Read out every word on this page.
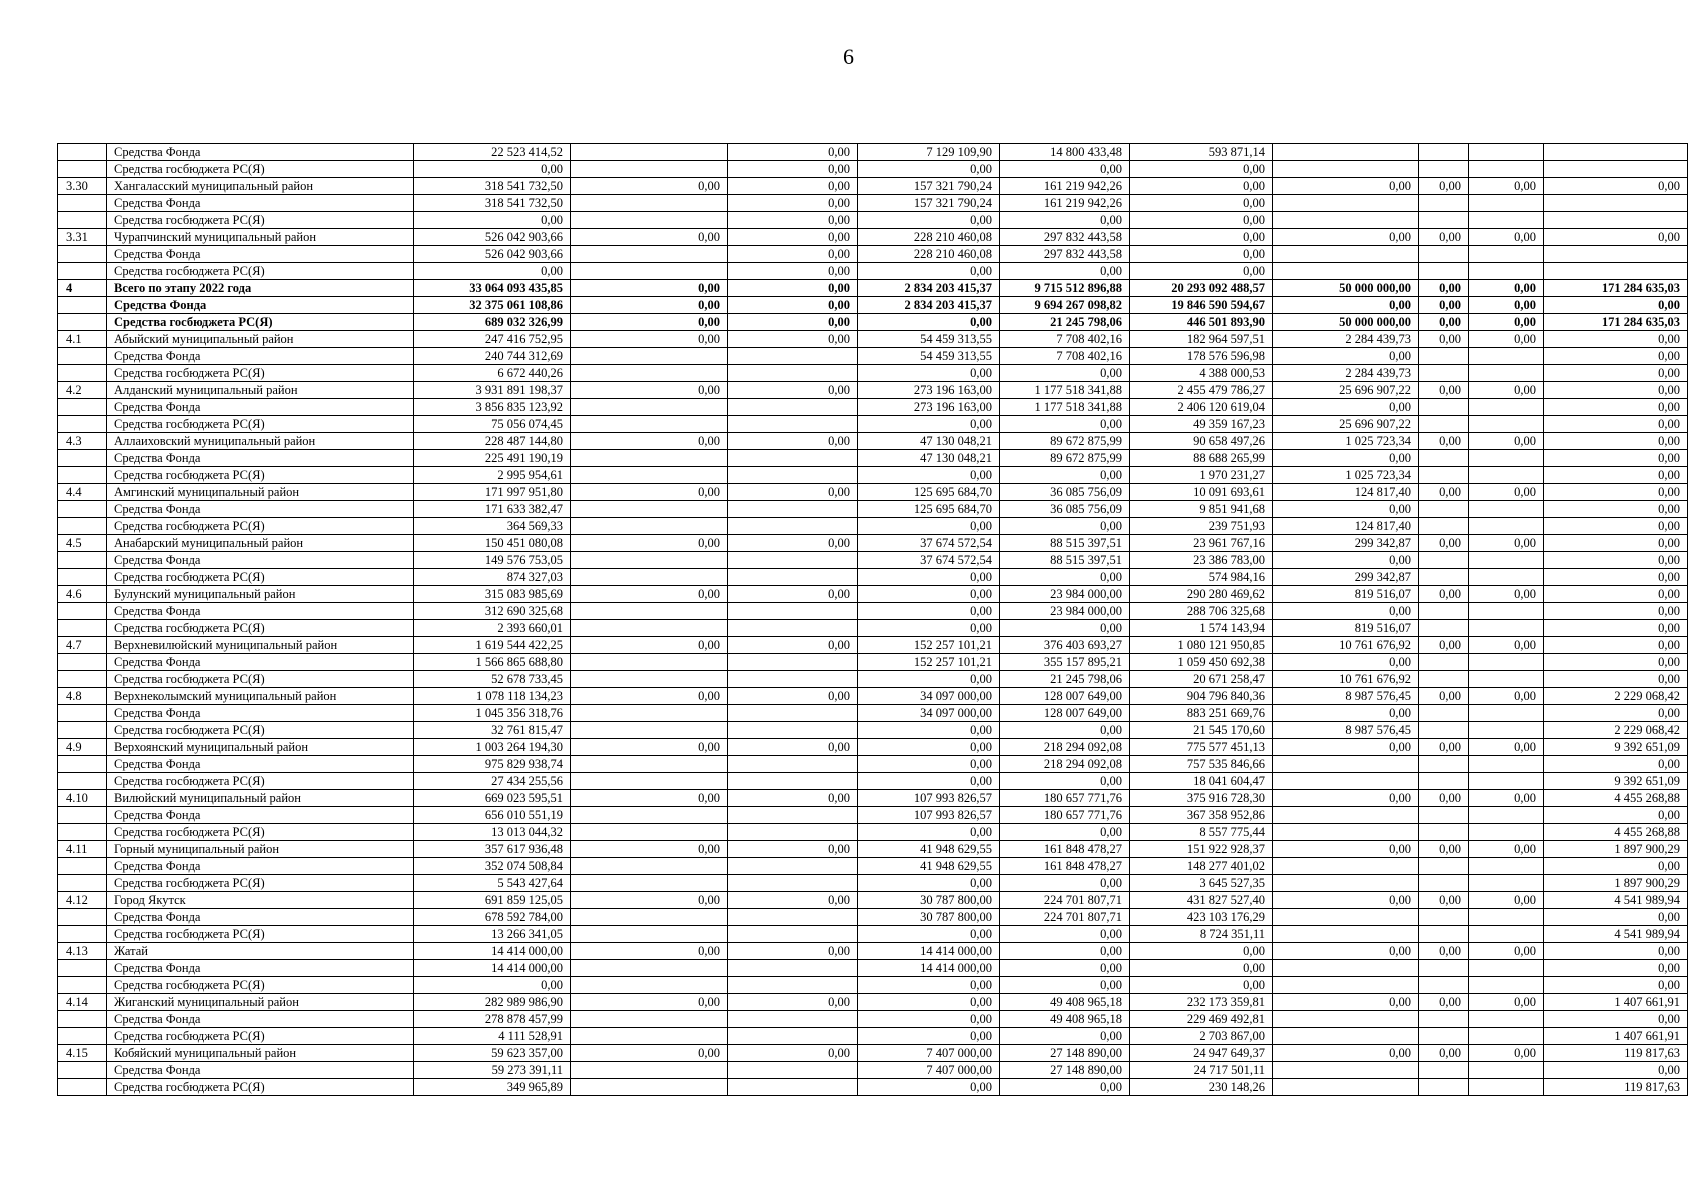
6
	Средства Фонда	22 523 414,52		0,00	7 129 109,90	14 800 433,48	593 871,14				
	Средства госбюджета РС(Я)	0,00		0,00	0,00	0,00	0,00				
3.30	Хангаласский муниципальный район	318 541 732,50	0,00	0,00	157 321 790,24	161 219 942,26	0,00	0,00	0,00	0,00	0,00
	Средства Фонда	318 541 732,50		0,00	157 321 790,24	161 219 942,26	0,00				
	Средства госбюджета РС(Я)	0,00		0,00	0,00	0,00	0,00				
3.31	Чурапчинский муниципальный район	526 042 903,66	0,00	0,00	228 210 460,08	297 832 443,58	0,00	0,00	0,00	0,00	0,00
	Средства Фонда	526 042 903,66		0,00	228 210 460,08	297 832 443,58	0,00				
	Средства госбюджета РС(Я)	0,00		0,00	0,00	0,00	0,00				
4	Всего по этапу 2022 года	33 064 093 435,85	0,00	0,00	2 834 203 415,37	9 715 512 896,88	20 293 092 488,57	50 000 000,00	0,00	0,00	171 284 635,03
	Средства Фонда	32 375 061 108,86	0,00	0,00	2 834 203 415,37	9 694 267 098,82	19 846 590 594,67	0,00	0,00	0,00	0,00
	Средства госбюджета РС(Я)	689 032 326,99	0,00	0,00	0,00	21 245 798,06	446 501 893,90	50 000 000,00	0,00	0,00	171 284 635,03
4.1	Абыйский муниципальный район	247 416 752,95	0,00	0,00	54 459 313,55	7 708 402,16	182 964 597,51	2 284 439,73	0,00	0,00	0,00
	Средства Фонда	240 744 312,69			54 459 313,55	7 708 402,16	178 576 596,98	0,00			0,00
	Средства госбюджета РС(Я)	6 672 440,26			0,00	0,00	4 388 000,53	2 284 439,73			0,00
4.2	Алданский муниципальный район	3 931 891 198,37	0,00	0,00	273 196 163,00	1 177 518 341,88	2 455 479 786,27	25 696 907,22	0,00	0,00	0,00
	Средства Фонда	3 856 835 123,92			273 196 163,00	1 177 518 341,88	2 406 120 619,04	0,00			0,00
	Средства госбюджета РС(Я)	75 056 074,45			0,00	0,00	49 359 167,23	25 696 907,22			0,00
4.3	Аллаиховский муниципальный район	228 487 144,80	0,00	0,00	47 130 048,21	89 672 875,99	90 658 497,26	1 025 723,34	0,00	0,00	0,00
	Средства Фонда	225 491 190,19			47 130 048,21	89 672 875,99	88 688 265,99	0,00			0,00
	Средства госбюджета РС(Я)	2 995 954,61			0,00	0,00	1 970 231,27	1 025 723,34			0,00
4.4	Амгинский муниципальный район	171 997 951,80	0,00	0,00	125 695 684,70	36 085 756,09	10 091 693,61	124 817,40	0,00	0,00	0,00
	Средства Фонда	171 633 382,47			125 695 684,70	36 085 756,09	9 851 941,68	0,00			0,00
	Средства госбюджета РС(Я)	364 569,33			0,00	0,00	239 751,93	124 817,40			0,00
4.5	Анабарский муниципальный район	150 451 080,08	0,00	0,00	37 674 572,54	88 515 397,51	23 961 767,16	299 342,87	0,00	0,00	0,00
	Средства Фонда	149 576 753,05			37 674 572,54	88 515 397,51	23 386 783,00	0,00			0,00
	Средства госбюджета РС(Я)	874 327,03			0,00	0,00	574 984,16	299 342,87			0,00
4.6	Булунский муниципальный район	315 083 985,69	0,00	0,00	0,00	23 984 000,00	290 280 469,62	819 516,07	0,00	0,00	0,00
	Средства Фонда	312 690 325,68			0,00	23 984 000,00	288 706 325,68	0,00			0,00
	Средства госбюджета РС(Я)	2 393 660,01			0,00	0,00	1 574 143,94	819 516,07			0,00
4.7	Верхневилюйский муниципальный район	1 619 544 422,25	0,00	0,00	152 257 101,21	376 403 693,27	1 080 121 950,85	10 761 676,92	0,00	0,00	0,00
	Средства Фонда	1 566 865 688,80			152 257 101,21	355 157 895,21	1 059 450 692,38	0,00			0,00
	Средства госбюджета РС(Я)	52 678 733,45			0,00	21 245 798,06	20 671 258,47	10 761 676,92			0,00
4.8	Верхнеколымский муниципальный район	1 078 118 134,23	0,00	0,00	34 097 000,00	128 007 649,00	904 796 840,36	8 987 576,45	0,00	0,00	2 229 068,42
	Средства Фонда	1 045 356 318,76			34 097 000,00	128 007 649,00	883 251 669,76	0,00			0,00
	Средства госбюджета РС(Я)	32 761 815,47			0,00	0,00	21 545 170,60	8 987 576,45			2 229 068,42
4.9	Верхоянский муниципальный район	1 003 264 194,30	0,00	0,00	0,00	218 294 092,08	775 577 451,13	0,00	0,00	0,00	9 392 651,09
	Средства Фонда	975 829 938,74			0,00	218 294 092,08	757 535 846,66				0,00
	Средства госбюджета РС(Я)	27 434 255,56			0,00	0,00	18 041 604,47				9 392 651,09
4.10	Вилюйский муниципальный район	669 023 595,51	0,00	0,00	107 993 826,57	180 657 771,76	375 916 728,30	0,00	0,00	0,00	4 455 268,88
	Средства Фонда	656 010 551,19			107 993 826,57	180 657 771,76	367 358 952,86				0,00
	Средства госбюджета РС(Я)	13 013 044,32			0,00	0,00	8 557 775,44				4 455 268,88
4.11	Горный муниципальный район	357 617 936,48	0,00	0,00	41 948 629,55	161 848 478,27	151 922 928,37	0,00	0,00	0,00	1 897 900,29
	Средства Фонда	352 074 508,84			41 948 629,55	161 848 478,27	148 277 401,02				0,00
	Средства госбюджета РС(Я)	5 543 427,64			0,00	0,00	3 645 527,35				1 897 900,29
4.12	Город Якутск	691 859 125,05	0,00	0,00	30 787 800,00	224 701 807,71	431 827 527,40	0,00	0,00	0,00	4 541 989,94
	Средства Фонда	678 592 784,00			30 787 800,00	224 701 807,71	423 103 176,29				0,00
	Средства госбюджета РС(Я)	13 266 341,05			0,00	0,00	8 724 351,11				4 541 989,94
4.13	Жатай	14 414 000,00	0,00	0,00	14 414 000,00	0,00	0,00	0,00	0,00	0,00	0,00
	Средства Фонда	14 414 000,00			14 414 000,00	0,00	0,00				0,00
	Средства госбюджета РС(Я)	0,00			0,00	0,00	0,00				0,00
4.14	Жиганский муниципальный район	282 989 986,90	0,00	0,00	0,00	49 408 965,18	232 173 359,81	0,00	0,00	0,00	1 407 661,91
	Средства Фонда	278 878 457,99			0,00	49 408 965,18	229 469 492,81				0,00
	Средства госбюджета РС(Я)	4 111 528,91			0,00	0,00	2 703 867,00				1 407 661,91
4.15	Кобяйский муниципальный район	59 623 357,00	0,00	0,00	7 407 000,00	27 148 890,00	24 947 649,37	0,00	0,00	0,00	119 817,63
	Средства Фонда	59 273 391,11			7 407 000,00	27 148 890,00	24 717 501,11				0,00
	Средства госбюджета РС(Я)	349 965,89			0,00	0,00	230 148,26				119 817,63
